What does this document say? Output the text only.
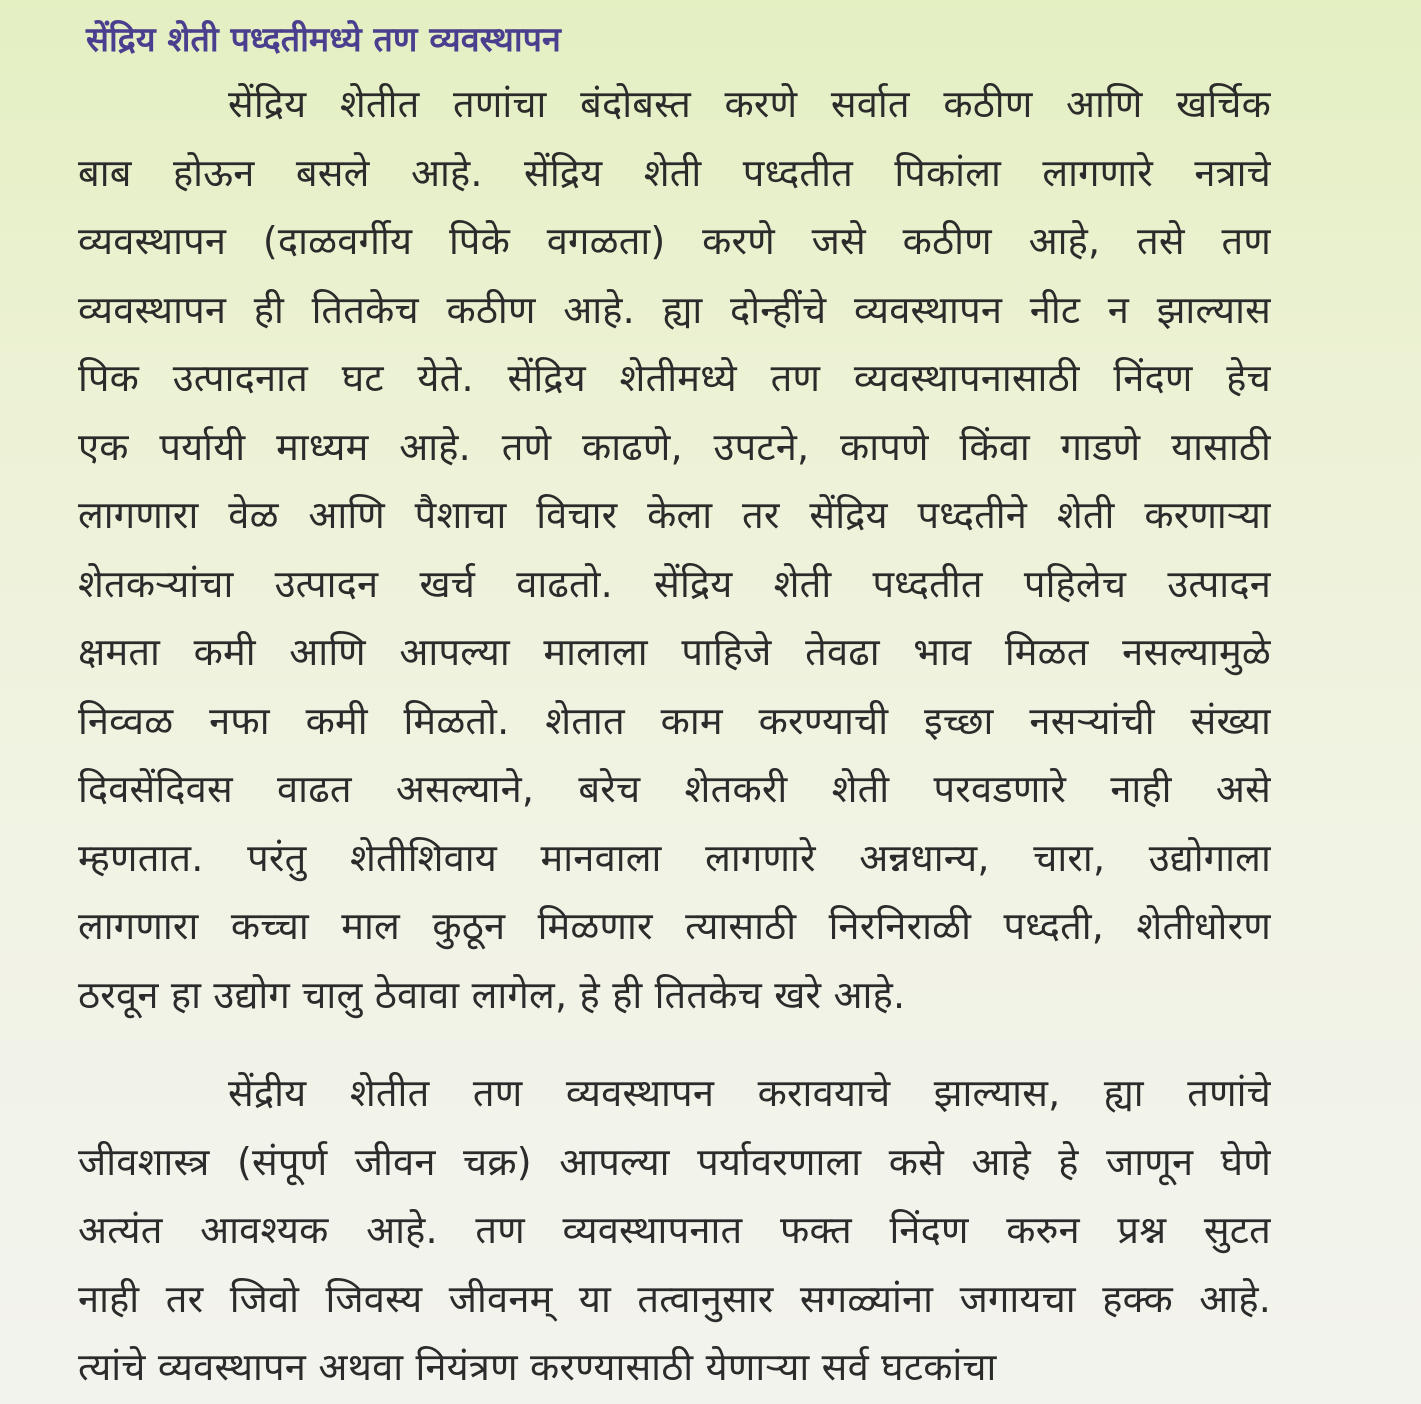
सेंद्रिय शेती पध्दतीमध्ये तण व्यवस्थापन
सेंद्रिय शेतीत तणांचा बंदोबस्त करणे सर्वात कठीण आणि खर्चिक
बाब होऊन बसले आहे. सेंद्रिय शेती पध्दतीत पिकांला लागणारे नत्राचे
व्यवस्थापन (दाळवर्गीय पिके वगळता) करणे जसे कठीण आहे, तसे तण
व्यवस्थापन ही तितकेच कठीण आहे. ह्या दोन्हींचे व्यवस्थापन नीट न झाल्यास
पिक उत्पादनात घट येते. सेंद्रिय शेतीमध्ये तण व्यवस्थापनासाठी निंदण हेच
एक पर्यायी माध्यम आहे. तणे काढणे, उपटने, कापणे किंवा गाडणे यासाठी
लागणारा वेळ आणि पैशाचा विचार केला तर सेंद्रिय पध्दतीने शेती करणाऱ्या
शेतकऱ्यांचा उत्पादन खर्च वाढतो. सेंद्रिय शेती पध्दतीत पहिलेच उत्पादन
क्षमता कमी आणि आपल्या मालाला पाहिजे तेवढा भाव मिळत नसल्यामुळे
निव्वळ नफा कमी मिळतो. शेतात काम करण्याची इच्छा नसऱ्यांची संख्या
दिवसेंदिवस वाढत असल्याने, बरेच शेतकरी शेती परवडणारे नाही असे
म्हणतात. परंतु शेतीशिवाय मानवाला लागणारे अन्नधान्य, चारा, उद्योगाला
लागणारा कच्चा माल कुठून मिळणार त्यासाठी निरनिराळी पध्दती, शेतीधोरण
ठरवून हा उद्योग चालु ठेवावा लागेल, हे ही तितकेच खरे आहे.
सेंद्रीय शेतीत तण व्यवस्थापन करावयाचे झाल्यास, ह्या तणांचे
जीवशास्त्र (संपूर्ण जीवन चक्र) आपल्या पर्यावरणाला कसे आहे हे जाणून घेणे
अत्यंत आवश्यक आहे. तण व्यवस्थापनात फक्त निंदण करुन प्रश्न सुटत
नाही तर जिवो जिवस्य जीवनम् या तत्वानुसार सगळ्यांना जगायचा हक्क आहे.
त्यांचे व्यवस्थापन अथवा नियंत्रण करण्यासाठी येणाऱ्या सर्व घटकांचा
